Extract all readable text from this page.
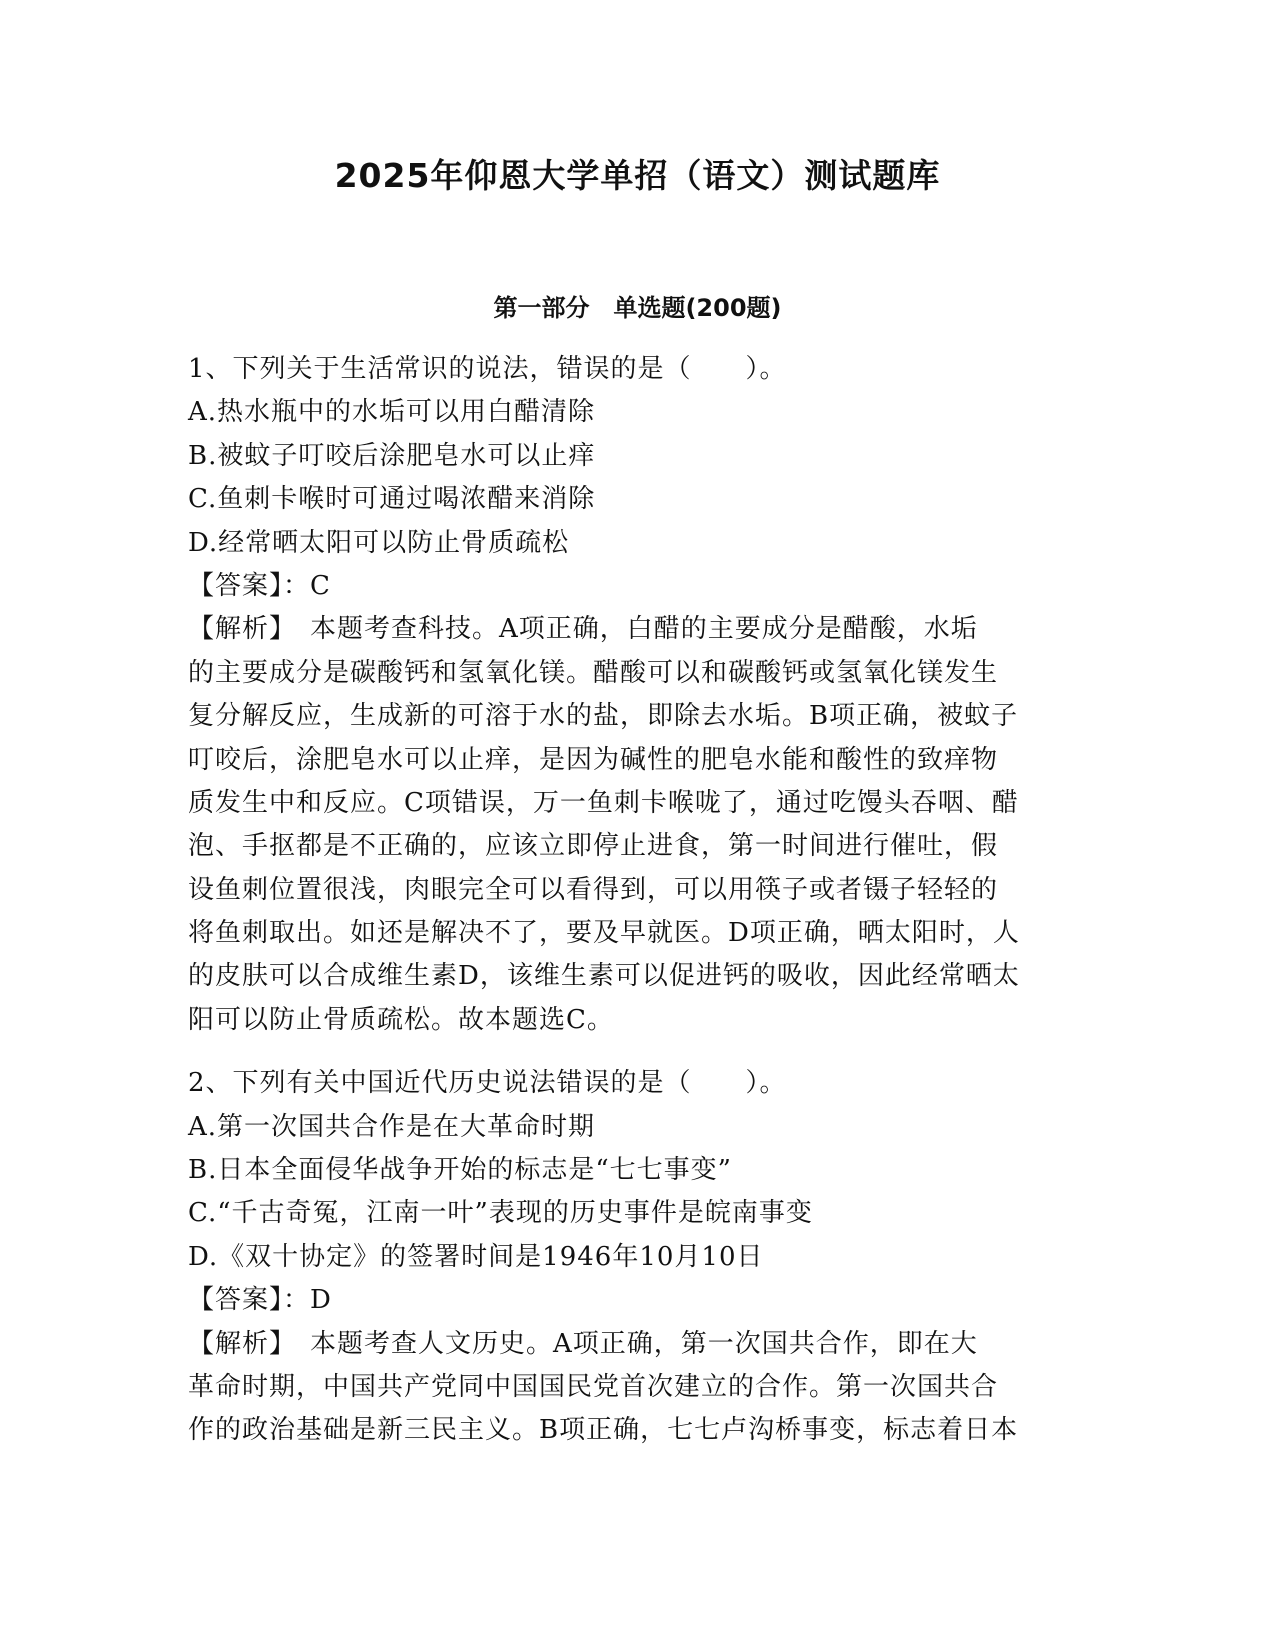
2025年仰恩大学单招（语文）测试题库
第一部分　单选题(200题)
1、下列关于生活常识的说法，错误的是（　　）。
A.热水瓶中的水垢可以用白醋清除
B.被蚊子叮咬后涂肥皂水可以止痒
C.鱼刺卡喉时可通过喝浓醋来消除
D.经常晒太阳可以防止骨质疏松
【答案】：C
【解析】　本题考查科技。A项正确，白醋的主要成分是醋酸，水垢
的主要成分是碳酸钙和氢氧化镁。醋酸可以和碳酸钙或氢氧化镁发生
复分解反应，生成新的可溶于水的盐，即除去水垢。B项正确，被蚊子
叮咬后，涂肥皂水可以止痒，是因为碱性的肥皂水能和酸性的致痒物
质发生中和反应。C项错误，万一鱼刺卡喉咙了，通过吃馒头吞咽、醋
泡、手抠都是不正确的，应该立即停止进食，第一时间进行催吐，假
设鱼刺位置很浅，肉眼完全可以看得到，可以用筷子或者镊子轻轻的
将鱼刺取出。如还是解决不了，要及早就医。D项正确，晒太阳时，人
的皮肤可以合成维生素D，该维生素可以促进钙的吸收，因此经常晒太
阳可以防止骨质疏松。故本题选C。
2、下列有关中国近代历史说法错误的是（　　）。
A.第一次国共合作是在大革命时期
B.日本全面侵华战争开始的标志是“七七事变”
C.“千古奇冤，江南一叶”表现的历史事件是皖南事变
D.《双十协定》的签署时间是1946年10月10日
【答案】：D
【解析】　本题考查人文历史。A项正确，第一次国共合作，即在大
革命时期，中国共产党同中国国民党首次建立的合作。第一次国共合
作的政治基础是新三民主义。B项正确，七七卢沟桥事变，标志着日本
